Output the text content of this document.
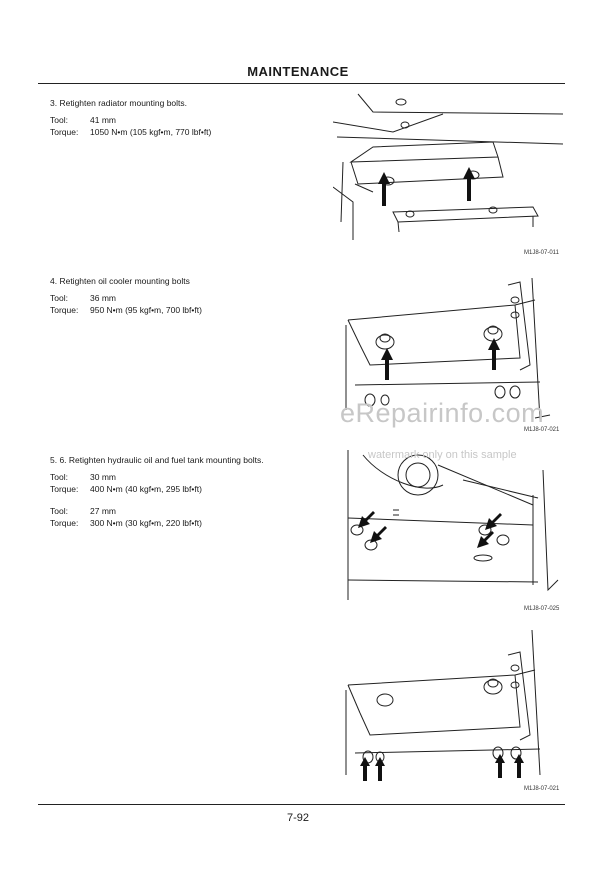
MAINTENANCE
3. Retighten radiator mounting bolts.
Tool:	41 mm
Torque:	1050 N•m (105 kgf•m, 770 lbf•ft)
4. Retighten oil cooler mounting bolts
Tool:	36 mm
Torque:	950 N•m (95 kgf•m, 700 lbf•ft)
5. 6. Retighten hydraulic oil and fuel tank mounting bolts.
Tool:	30 mm
Torque:	400 N•m (40 kgf•m, 295 lbf•ft)
Tool:	27 mm
Torque:	300 N•m (30 kgf•m, 220 lbf•ft)
M1J8-07-011
M1J8-07-021
M1J8-07-025
M1J8-07-021
eRepairinfo.com
watermark only on this sample
7-92
